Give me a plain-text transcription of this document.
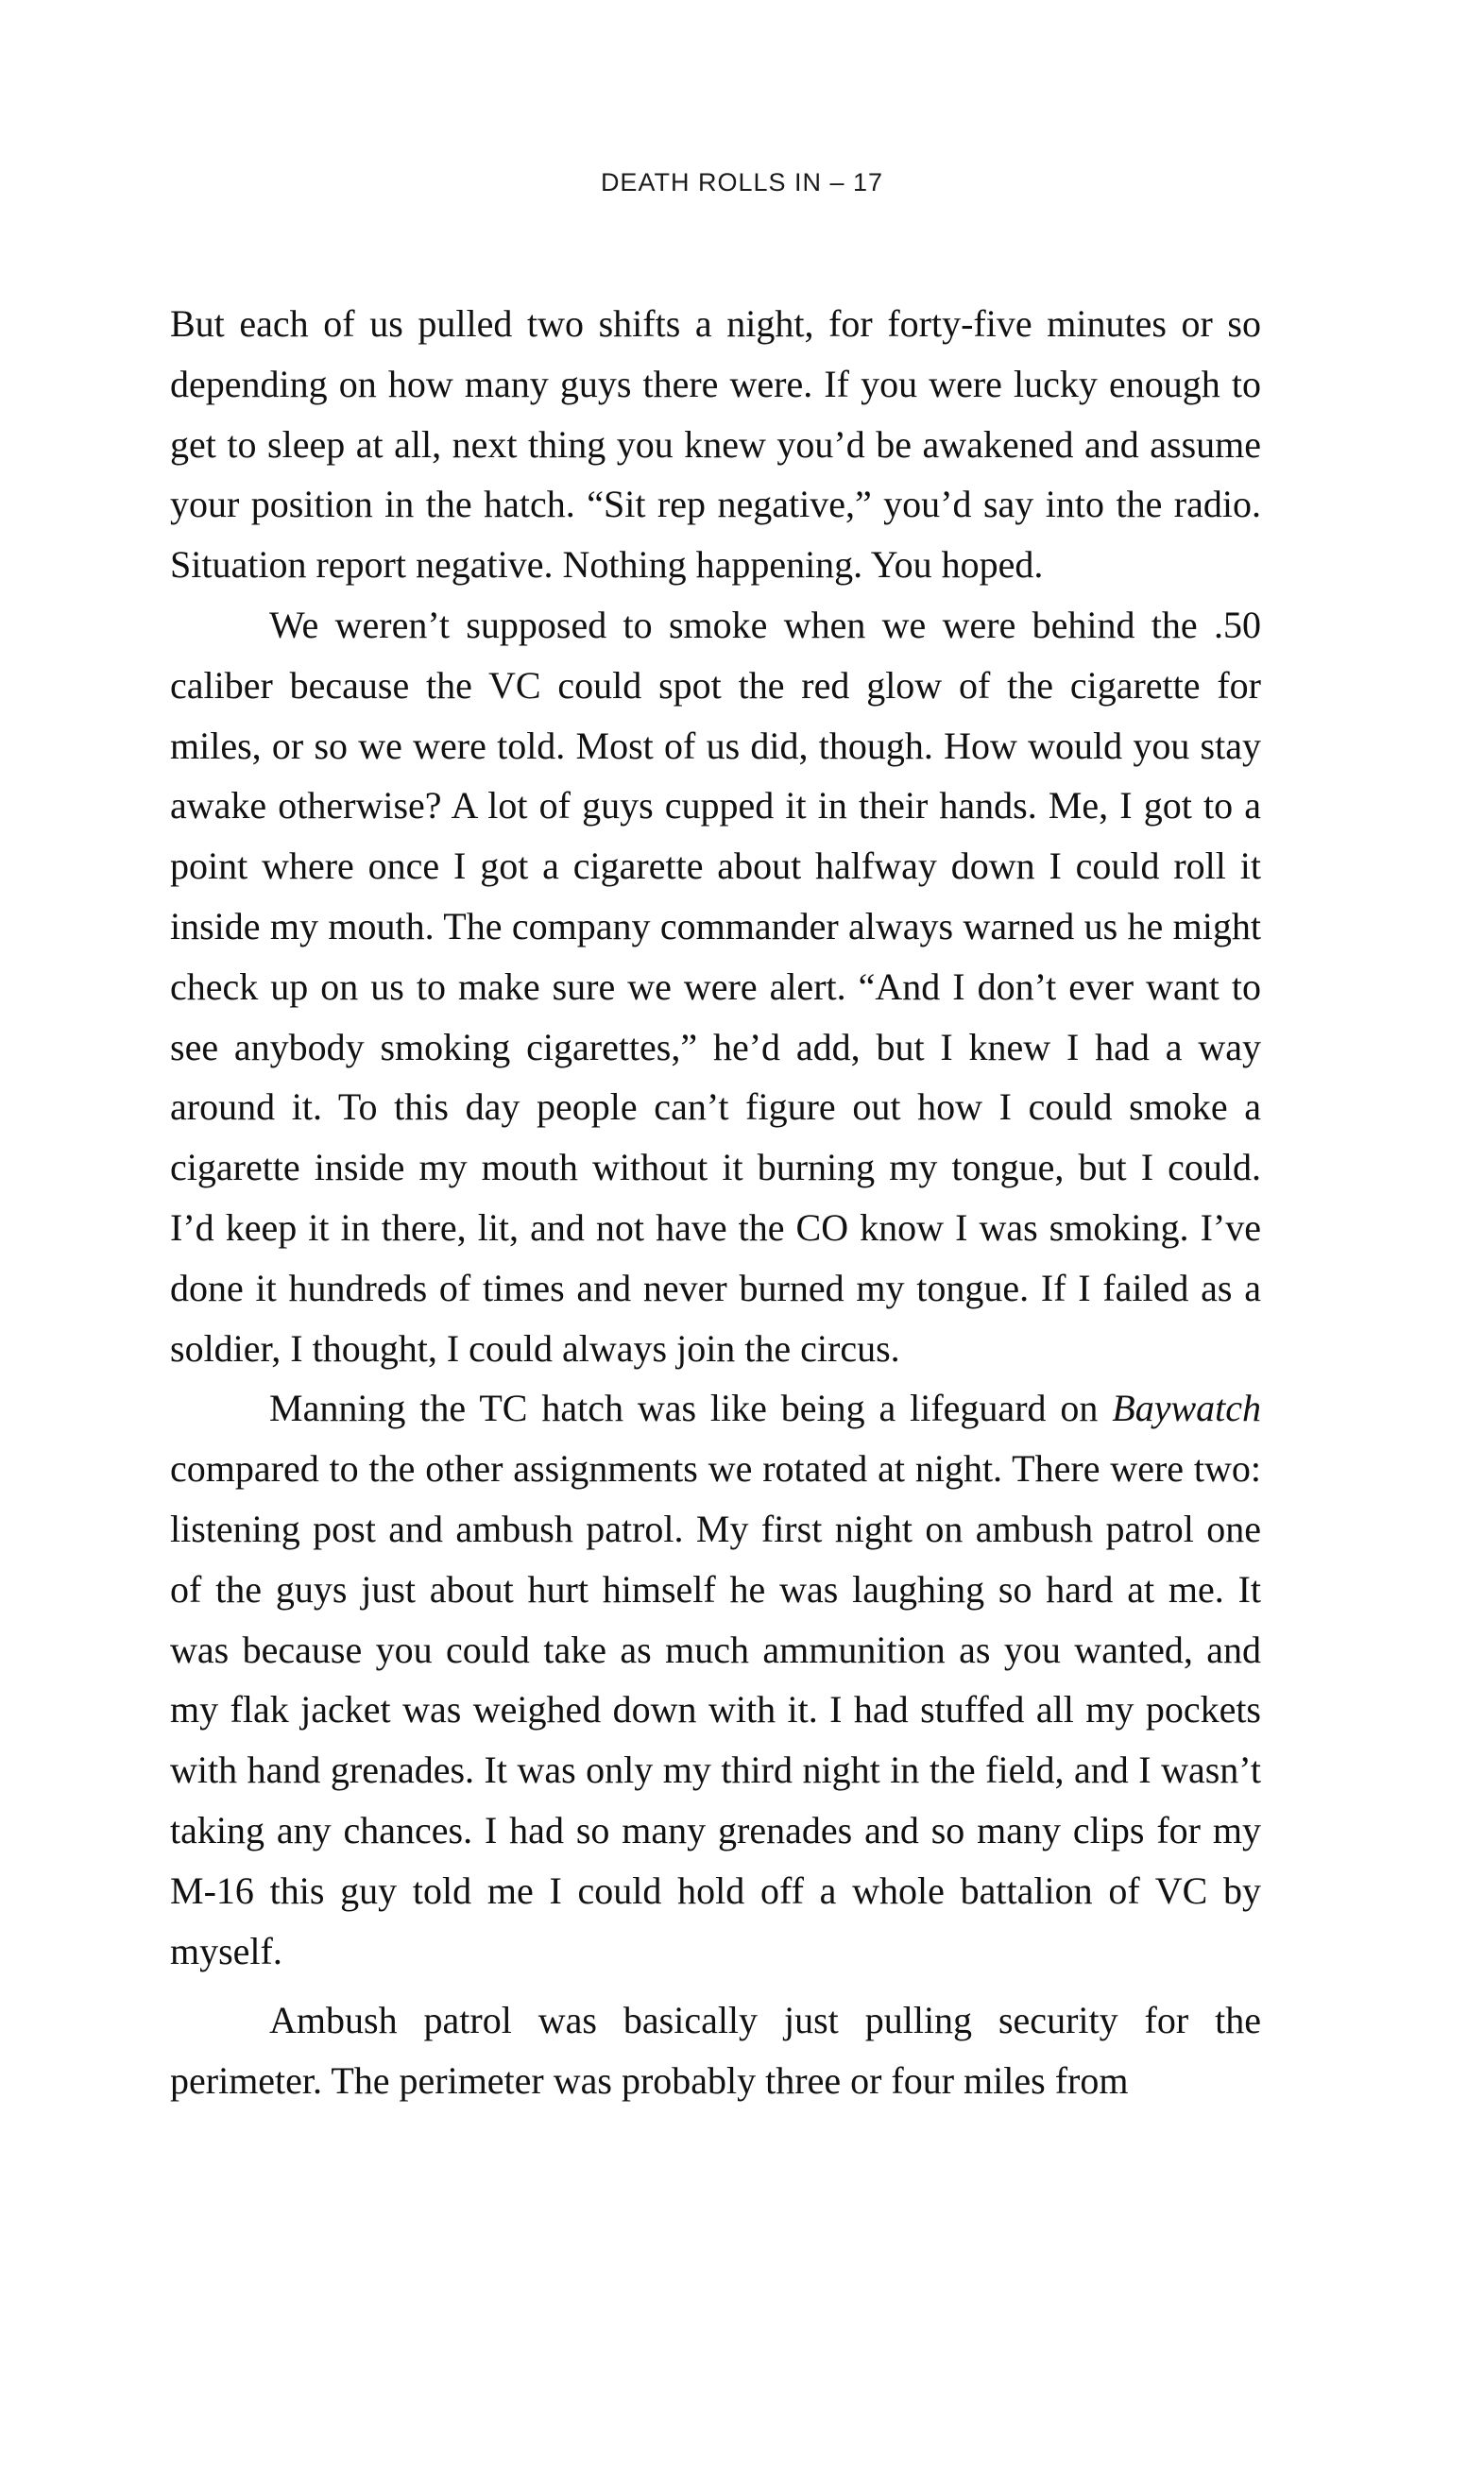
DEATH ROLLS IN – 17

But each of us pulled two shifts a night, for forty-five minutes or so depending on how many guys there were. If you were lucky enough to get to sleep at all, next thing you knew you’d be awakened and assume your position in the hatch. “Sit rep negative,” you’d say into the radio. Situation report negative. Nothing happening. You hoped.

We weren’t supposed to smoke when we were behind the .50 caliber because the VC could spot the red glow of the cigarette for miles, or so we were told. Most of us did, though. How would you stay awake otherwise? A lot of guys cupped it in their hands. Me, I got to a point where once I got a cigarette about halfway down I could roll it inside my mouth. The company commander always warned us he might check up on us to make sure we were alert. “And I don’t ever want to see anybody smoking cigarettes,” he’d add, but I knew I had a way around it. To this day people can’t figure out how I could smoke a cigarette inside my mouth without it burning my tongue, but I could. I’d keep it in there, lit, and not have the CO know I was smoking. I’ve done it hundreds of times and never burned my tongue. If I failed as a soldier, I thought, I could always join the circus.

Manning the TC hatch was like being a lifeguard on Baywatch compared to the other assignments we rotated at night. There were two: listening post and ambush patrol. My first night on ambush patrol one of the guys just about hurt himself he was laughing so hard at me. It was because you could take as much ammunition as you wanted, and my flak jacket was weighed down with it. I had stuffed all my pockets with hand grenades. It was only my third night in the field, and I wasn’t taking any chances. I had so many grenades and so many clips for my M-16 this guy told me I could hold off a whole battalion of VC by myself.

Ambush patrol was basically just pulling security for the perimeter. The perimeter was probably three or four miles from
